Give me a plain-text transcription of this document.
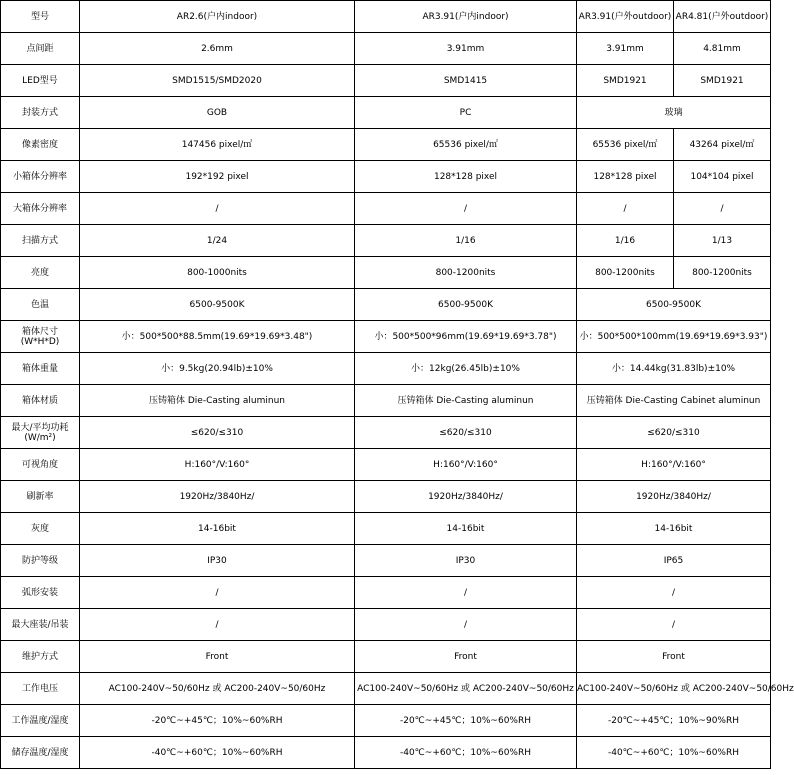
型号	AR2.6(户内indoor)	AR3.91(户内indoor)	AR3.91(户外outdoor)	AR4.81(户外outdoor)

点间距	2.6mm	3.91mm	3.91mm	4.81mm

LED型号	SMD1515/SMD2020	SMD1415	SMD1921	SMD1921

封装方式	GOB	PC	玻璃	

像素密度	147456 pixel/㎡	65536 pixel/㎡	65536 pixel/㎡	43264 pixel/㎡

小箱体分辨率	192*192 pixel	128*128 pixel	128*128 pixel	104*104 pixel

大箱体分辨率	/	/	/	/

扫描方式	1/24	1/16	1/16	1/13

亮度	800-1000nits	800-1200nits	800-1200nits	800-1200nits

色温	6500-9500K	6500-9500K	6500-9500K	

箱体尺寸
(W*H*D)	小：500*500*88.5mm(19.69*19.69*3.48")	小：500*500*96mm(19.69*19.69*3.78")	小：500*500*100mm(19.69*19.69*3.93")	

箱体重量	小：9.5kg(20.94lb)±10%	小：12kg(26.45lb)±10%	小：14.44kg(31.83lb)±10%	

箱体材质	压铸箱体 Die-Casting aluminun	压铸箱体 Die-Casting aluminun	压铸箱体 Die-Casting Cabinet aluminun	

最大/平均功耗
(W/m²)	≤620/≤310	≤620/≤310	≤620/≤310	

可视角度	H:160°/V:160°	H:160°/V:160°	H:160°/V:160°	

刷新率	1920Hz/3840Hz/	1920Hz/3840Hz/	1920Hz/3840Hz/	

灰度	14-16bit	14-16bit	14-16bit	

防护等级	IP30	IP30	IP65	

弧形安装	/	/	/	

最大座装/吊装	/	/	/	

维护方式	Front	Front	Front	

工作电压	AC100-240V~50/60Hz 或 AC200-240V~50/60Hz	AC100-240V~50/60Hz 或 AC200-240V~50/60Hz	AC100-240V~50/60Hz 或 AC200-240V~50/60Hz	

工作温度/湿度	-20℃~+45℃；10%~60%RH	-20℃~+45℃；10%~60%RH	-20℃~+45℃；10%~90%RH	

储存温度/湿度	-40℃~+60℃；10%~60%RH	-40℃~+60℃；10%~60%RH	-40℃~+60℃；10%~60%RH	
